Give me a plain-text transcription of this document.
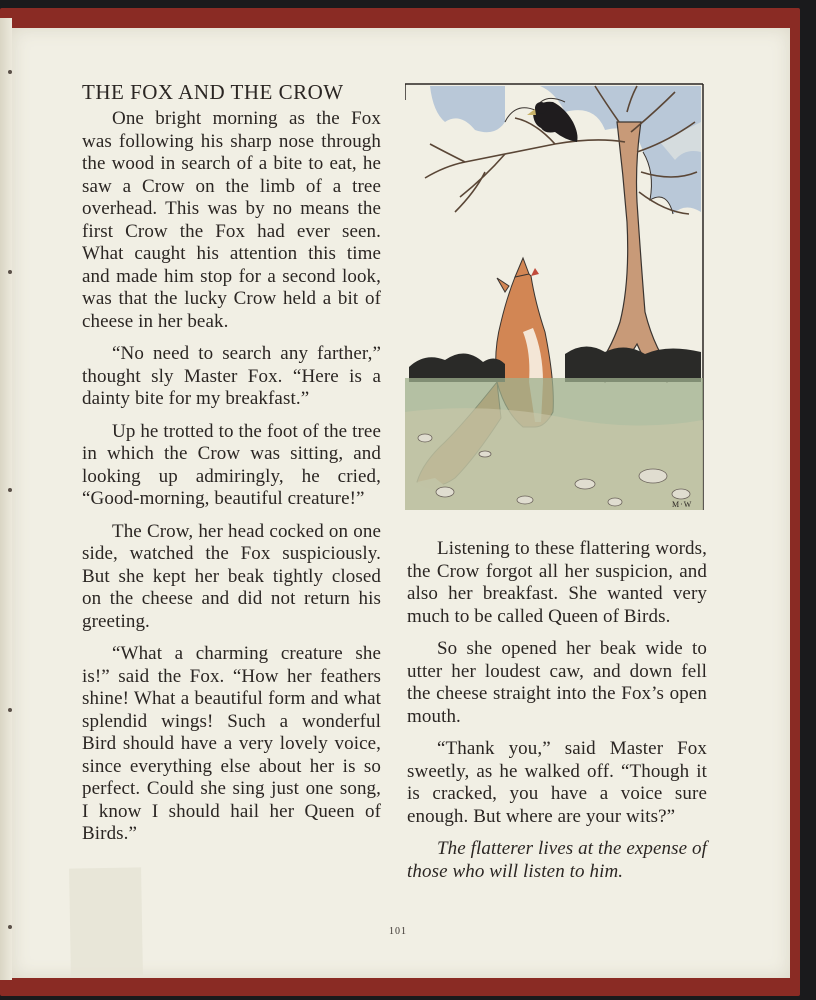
THE FOX AND THE CROW

One bright morning as the Fox was following his sharp nose through the wood in search of a bite to eat, he saw a Crow on the limb of a tree overhead. This was by no means the first Crow the Fox had ever seen. What caught his attention this time and made him stop for a second look, was that the lucky Crow held a bit of cheese in her beak.

“No need to search any farther,” thought sly Master Fox. “Here is a dainty bite for my breakfast.”

Up he trotted to the foot of the tree in which the Crow was sitting, and looking up admiringly, he cried, “Good-morning, beautiful creature!”

The Crow, her head cocked on one side, watched the Fox suspiciously. But she kept her beak tightly closed on the cheese and did not return his greeting.

“What a charming creature she is!” said the Fox. “How her feathers shine! What a beautiful form and what splendid wings! Such a wonderful Bird should have a very lovely voice, since everything else about her is so perfect. Could she sing just one song, I know I should hail her Queen of Birds.”

M·W

Listening to these flattering words, the Crow forgot all her suspicion, and also her breakfast. She wanted very much to be called Queen of Birds.

So she opened her beak wide to utter her loudest caw, and down fell the cheese straight into the Fox’s open mouth.

“Thank you,” said Master Fox sweetly, as he walked off. “Though it is cracked, you have a voice sure enough. But where are your wits?”

The flatterer lives at the expense of those who will listen to him.

101
